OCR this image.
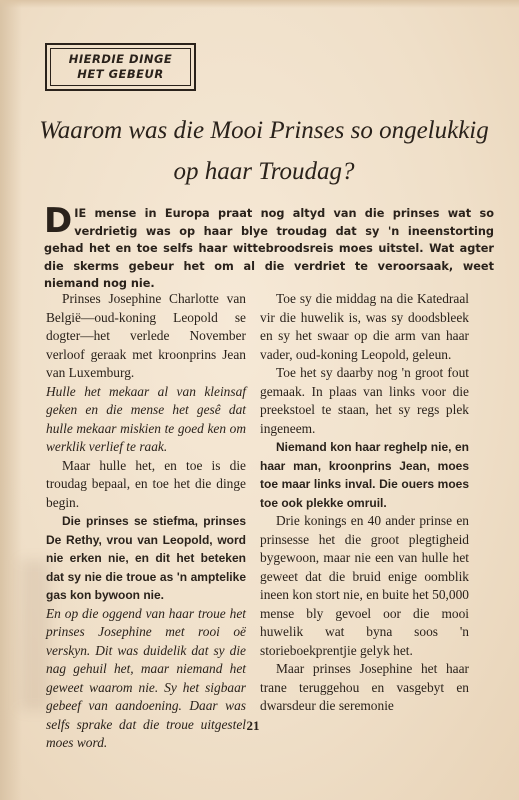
HIERDIE DINGE
HET GEBEUR
Waarom was die Mooi Prinses so ongelukkig
op haar Troudag?
DIE mense in Europa praat nog altyd van die prinses wat so verdrietig was op haar blye troudag dat sy 'n ineenstorting gehad het en toe selfs haar wittebroodsreis moes uitstel. Wat agter die skerms gebeur het om al die verdriet te veroorsaak, weet niemand nog nie.

Prinses Josephine Charlotte van België—oud-koning Leopold se dogter—het verlede November verloof geraak met kroonprins Jean van Luxemburg.

Hulle het mekaar al van kleinsaf geken en die mense het gesê dat hulle mekaar miskien te goed ken om werklik verlief te raak.

Maar hulle het, en toe is die troudag bepaal, en toe het die dinge begin.

Die prinses se stiefma, prinses De Rethy, vrou van Leopold, word nie erken nie, en dit het beteken dat sy nie die troue as 'n amptelike gas kon bywoon nie.

En op die oggend van haar troue het prinses Josephine met rooi oë verskyn. Dit was duidelik dat sy die nag gehuil het, maar niemand het geweet waarom nie. Sy het sigbaar gebeef van aandoening. Daar was selfs sprake dat die troue uitgestel moes word.

Toe sy die middag na die Katedraal vir die huwelik is, was sy doodsbleek en sy het swaar op die arm van haar vader, oud-koning Leopold, geleun.

Toe het sy daarby nog 'n groot fout gemaak. In plaas van links voor die preekstoel te staan, het sy regs plek ingeneem.

Niemand kon haar reghelp nie, en haar man, kroonprins Jean, moes toe maar links inval. Die ouers moes toe ook plekke omruil.

Drie konings en 40 ander prinse en prinsesse het die groot plegtigheid bygewoon, maar nie een van hulle het geweet dat die bruid enige oomblik ineen kon stort nie, en buite het 50,000 mense bly gevoel oor die mooi huwelik wat byna soos 'n storieboekprentjie gelyk het.

Maar prinses Josephine het haar trane teruggehou en vasgebyt en dwarsdeur die seremonie

21
